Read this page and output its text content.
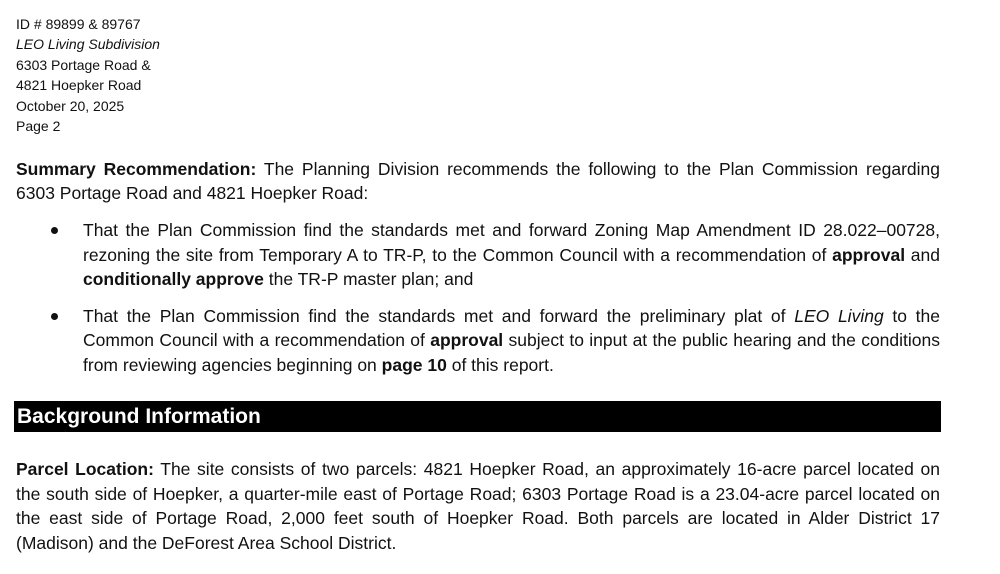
ID # 89899 & 89767
LEO Living Subdivision
6303 Portage Road &
4821 Hoepker Road
October 20, 2025
Page 2
Summary Recommendation: The Planning Division recommends the following to the Plan Commission regarding 6303 Portage Road and 4821 Hoepker Road:
That the Plan Commission find the standards met and forward Zoning Map Amendment ID 28.022–00728, rezoning the site from Temporary A to TR-P, to the Common Council with a recommendation of approval and conditionally approve the TR-P master plan; and
That the Plan Commission find the standards met and forward the preliminary plat of LEO Living to the Common Council with a recommendation of approval subject to input at the public hearing and the conditions from reviewing agencies beginning on page 10 of this report.
Background Information
Parcel Location: The site consists of two parcels: 4821 Hoepker Road, an approximately 16-acre parcel located on the south side of Hoepker, a quarter-mile east of Portage Road; 6303 Portage Road is a 23.04-acre parcel located on the east side of Portage Road, 2,000 feet south of Hoepker Road. Both parcels are located in Alder District 17 (Madison) and the DeForest Area School District.
